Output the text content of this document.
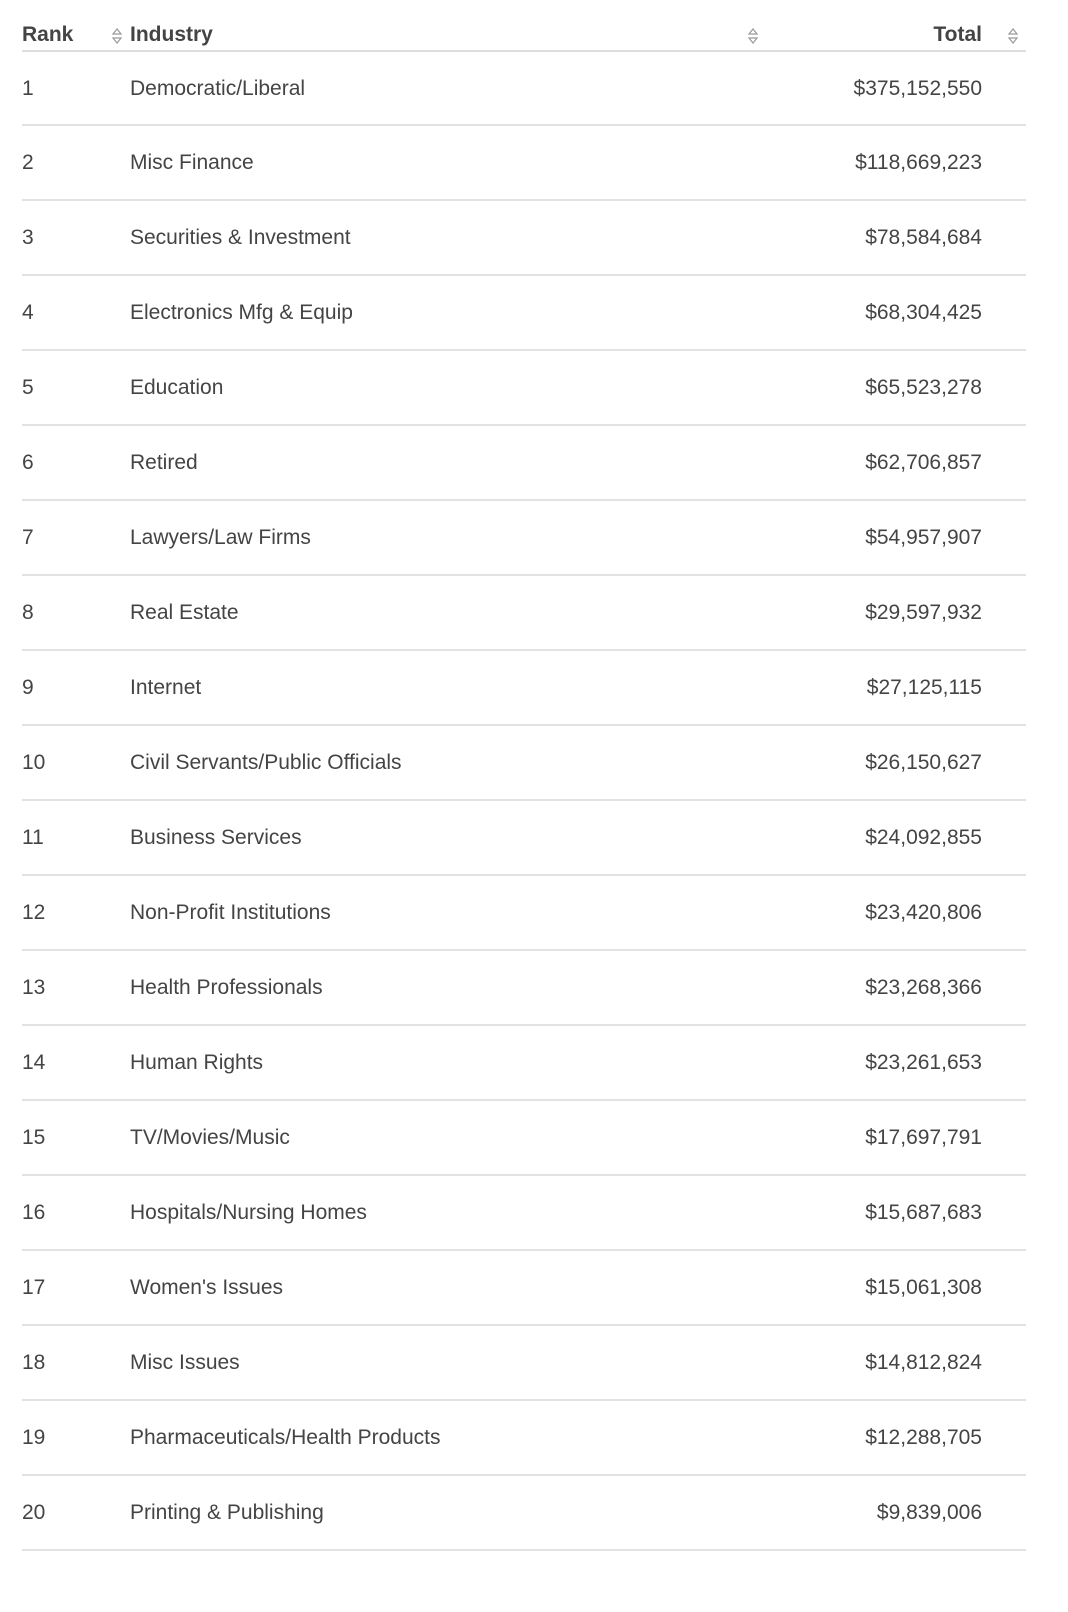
Rank	Industry	Total
1	Democratic/Liberal	$375,152,550
2	Misc Finance	$118,669,223
3	Securities & Investment	$78,584,684
4	Electronics Mfg & Equip	$68,304,425
5	Education	$65,523,278
6	Retired	$62,706,857
7	Lawyers/Law Firms	$54,957,907
8	Real Estate	$29,597,932
9	Internet	$27,125,115
10	Civil Servants/Public Officials	$26,150,627
11	Business Services	$24,092,855
12	Non-Profit Institutions	$23,420,806
13	Health Professionals	$23,268,366
14	Human Rights	$23,261,653
15	TV/Movies/Music	$17,697,791
16	Hospitals/Nursing Homes	$15,687,683
17	Women's Issues	$15,061,308
18	Misc Issues	$14,812,824
19	Pharmaceuticals/Health Products	$12,288,705
20	Printing & Publishing	$9,839,006
